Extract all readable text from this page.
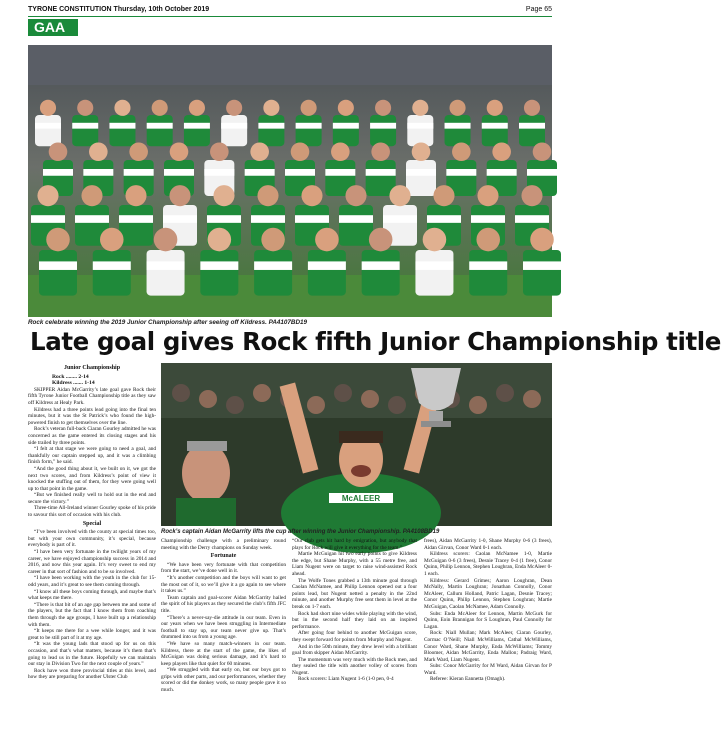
TYRONE CONSTITUTION Thursday, 10th October 2019	Page 65
GAA
Rock celebrate winning the 2019 Junior Championship after seeing off Kildress. PA4107BD19
Late goal gives Rock fifth Junior Championship title

Junior Championship

Rock ........ 2-14

Kildress ....... 1-14

SKIPPER Aidan McGarrity’s late goal gave Rock their fifth Tyrone Junior Football Championship title as they saw off Kildress at Healy Park.

Kildress had a three points lead going into the final ten minutes, but it was the St Patrick’s who found the high-powered finish to get themselves over the line.

Rock’s veteran full-back Ciaran Gourley admitted he was concerned as the game entered its closing stages and his side trailed by three points.

“I felt at that stage we were going to need a goal, and thankfully our captain stepped up, and it was a climbing finish form,” he said.

“And the good thing about it, we built on it, we got the next two scores, and from Kildress’s point of view it knocked the stuffing out of them, for they were going well up to that point in the game.

“But we finished really well to hold out in the end and secure the victory.”

Three-time All-Ireland winner Gourley spoke of his pride to savour this sort of occasion with his club.

Special

“I’ve been involved with the county at special times too, but with your own community, it’s special, because everybody is part of it.

“I have been very fortunate in the twilight years of my career, we have enjoyed championship success in 2014 and 2016, and now this year again. It’s very sweet to end my career in that sort of fashion and to be so involved.

“I have been working with the youth in the club for 15-odd years, and it’s great to see them coming through.

“I know all these boys coming through, and maybe that’s what keeps me there.

“There is that bit of an age gap between me and some of the players, but the fact that I know them from coaching them through the age groups, I have built up a relationship with them.

“It keeps me there for a wee while longer, and it was great to be still part of it at my age.

“It was the young lads that stood up for us on this occasion, and that’s what matters, because it’s them that’s going to lead us in the future. Hopefully we can maintain our stay in Division Two for the next couple of years.”

Rock have won three provincial titles at this level, and how they are preparing for another Ulster Club

McALEER
Rock’s captain Aidan McGarrity lifts the cup after winning the Junior Championship. PA4108BD19

Championship challenge with a preliminary round meeting with the Derry champions on Sunday week.

Fortunate

“We have been very fortunate with that competition from the start, we’ve done well in it.

“It’s another competition and the boys will want to get the most out of it, so we’ll give it a go again to see where it takes us.”

Team captain and goal-scorer Aidan McGarrity hailed the spirit of his players as they secured the club’s fifth JFC title.

“There’s a never-say-die attitude in our team. Even in our years when we have been struggling in Intermediate football to stay up, our team never give up. That’s drummed into us from a young age.

“We have so many match-winners in our team. Kildress, there at the start of the game, the likes of McGuigan was doing serious damage, and it’s hard to keep players like that quiet for 60 minutes.

“We struggled with that early on, but our boys got to grips with other parts, and our performances, whether they scored or did the donkey work, so many people gave it so much.

“Our club gets hit hard by emigration, but anybody that plays for Rock will give it everything for the team.”

Martie McGuigan hit two early points to give Kildress the edge, but Shane Murphy, with a 55 metre free, and Liam Nugent were on target to raise wind-assisted Rock ahead.

The Wolfe Tones grabbed a 13th minute goal through Caolan McNamee, and Philip Lennon opened out a four points lead, but Nugent netted a penalty in the 22nd minute, and another Murphy free sent them in level at the break on 1-7 each.

Rock had short nine wides while playing with the wind, but in the second half they laid on an inspired performance.

After going four behind to another McGuigan score, they swept forward for points from Murphy and Nugent.

And in the 50th minute, they drew level with a brilliant goal from skipper Aidan McGarrity.

The momentum was very much with the Rock men, and they sealed the title with another volley of scores from Nugent.

Rock scorers: Liam Nugent 1-6 (1-0 pen, 0-4

frees), Aidan McGarrity 1-0, Shane Murphy 0-6 (3 frees), Aidan Girvan, Conor Ward 0-1 each.

Kildress scorers: Caolan McNamee 1-0, Martie McGuigan 0-6 (3 frees), Desnie Tracey 0-4 (1 free), Conor Quinn, Philip Lennon, Stephen Loughran, Enda McAleer 0-1 each.

Kildress: Gerard Grimes; Aaron Loughran, Dean McNally, Martin Loughran; Jonathan Connolly, Conor McAleer, Callum Holland, Patric Lagan, Desnie Tracey; Conor Quinn, Philip Lennon, Stephen Loughran; Martie McGuigan, Caolan McNamee, Adam Connolly.

Subs: Enda McAleer for Lennon, Martin McGurk for Quinn, Eoin Brannigan for S Loughran, Paul Connolly for Lagan.

Rock: Niall Mullan; Mark McAleer, Ciaran Gourley, Cormac O’Neill; Niall McWilliams, Cathal McWilliams, Conor Ward, Shane Murphy, Enda McWilliams; Tommy Bloomer, Aidan McGarrity, Enda Mallon; Padraig Ward, Mark Ward, Liam Nugent.

Subs: Conor McGarrity for M Ward, Aidan Girvan for P Ward.

Referee: Kieran Eannetta (Omagh).
